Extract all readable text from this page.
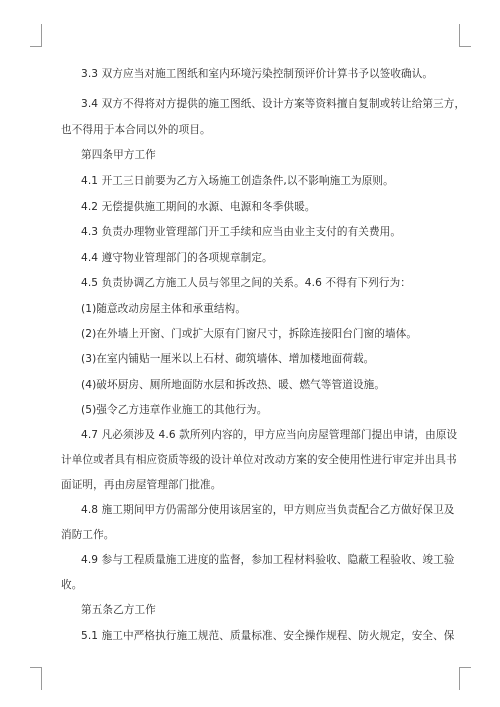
3.3 双方应当对施工图纸和室内环境污染控制预评价计算书予以签收确认。
3.4 双方不得将对方提供的施工图纸、设计方案等资料擅自复制或转让给第三方，
也不得用于本合同以外的项目。
第四条甲方工作
4.1 开工三日前要为乙方入场施工创造条件,以不影响施工为原则。
4.2 无偿提供施工期间的水源、电源和冬季供暖。
4.3 负责办理物业管理部门开工手续和应当由业主支付的有关费用。
4.4 遵守物业管理部门的各项规章制定。
4.5 负责协调乙方施工人员与邻里之间的关系。4.6 不得有下列行为：
(1)随意改动房屋主体和承重结构。
(2)在外墙上开窗、门或扩大原有门窗尺寸，拆除连接阳台门窗的墙体。
(3)在室内铺贴一厘米以上石材、砌筑墙体、增加楼地面荷载。
(4)破坏厨房、厕所地面防水层和拆改热、暖、燃气等管道设施。
(5)强令乙方违章作业施工的其他行为。
4.7 凡必须涉及 4.6 款所列内容的，甲方应当向房屋管理部门提出申请，由原设
计单位或者具有相应资质等级的设计单位对改动方案的安全使用性进行审定并出具书
面证明，再由房屋管理部门批准。
4.8 施工期间甲方仍需部分使用该居室的，甲方则应当负责配合乙方做好保卫及
消防工作。
4.9 参与工程质量施工进度的监督，参加工程材料验收、隐蔽工程验收、竣工验
收。
第五条乙方工作
5.1 施工中严格执行施工规范、质量标准、安全操作规程、防火规定，安全、保
